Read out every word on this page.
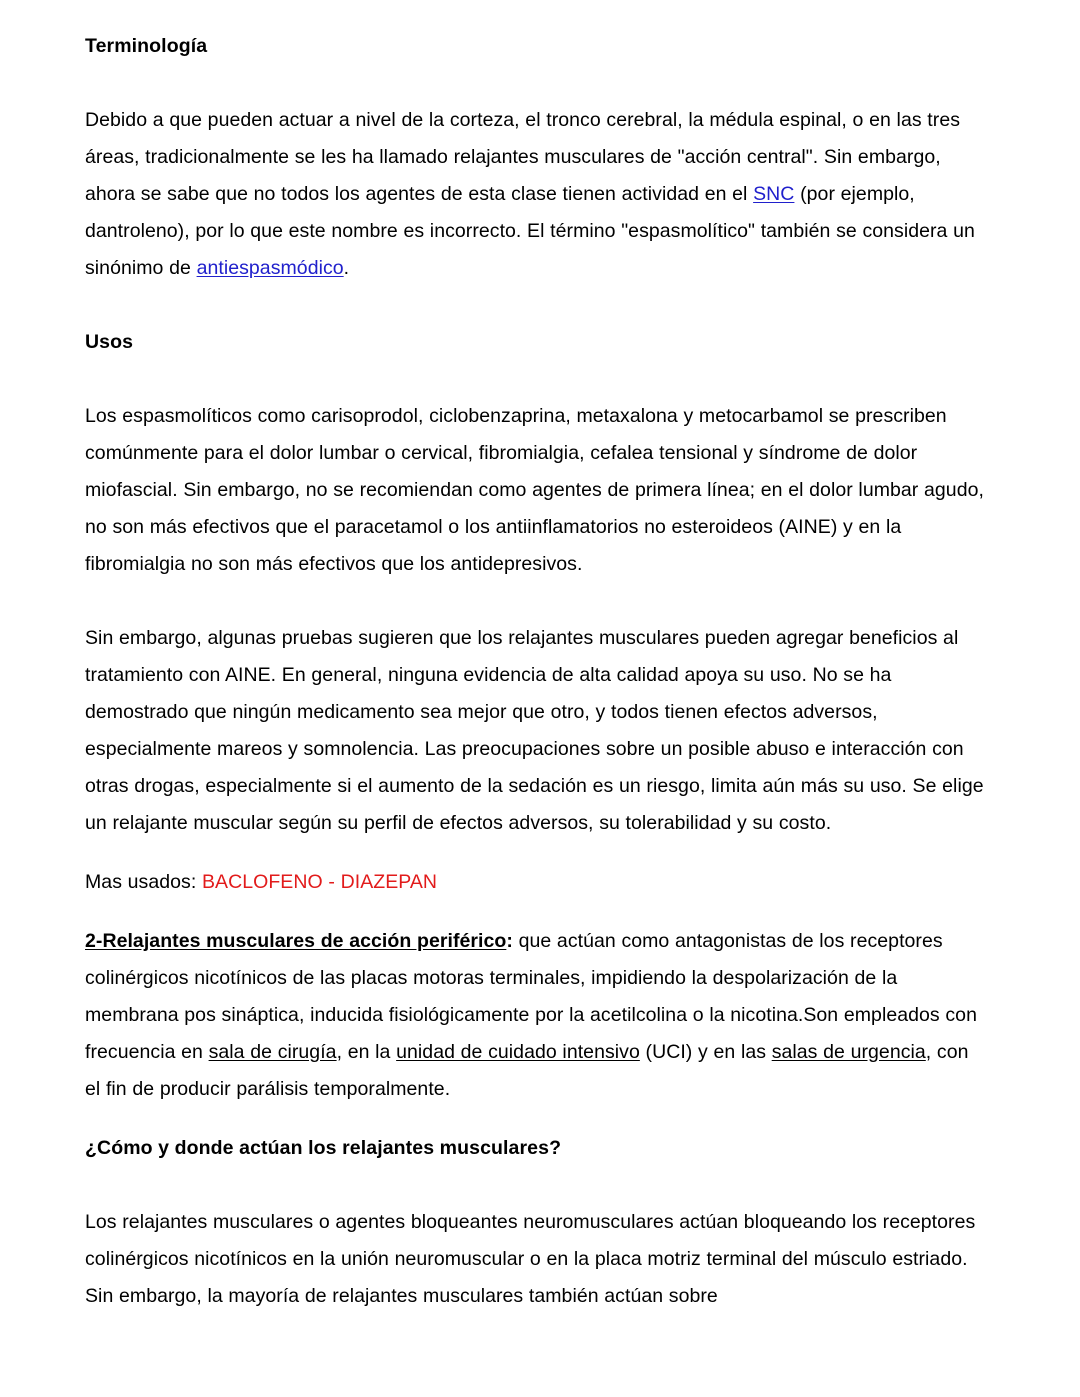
Terminología

Debido a que pueden actuar a nivel de la corteza, el tronco cerebral, la médula espinal, o en las tres áreas, tradicionalmente se les ha llamado relajantes musculares de "acción central". Sin embargo, ahora se sabe que no todos los agentes de esta clase tienen actividad en el SNC (por ejemplo, dantroleno), por lo que este nombre es incorrecto. El término "espasmolítico" también se considera un sinónimo de antiespasmódico.

Usos

Los espasmolíticos como carisoprodol, ciclobenzaprina, metaxalona y metocarbamol se prescriben comúnmente para el dolor lumbar o cervical, fibromialgia, cefalea tensional y síndrome de dolor miofascial. Sin embargo, no se recomiendan como agentes de primera línea; en el dolor lumbar agudo, no son más efectivos que el paracetamol o los antiinflamatorios no esteroideos (AINE) y en la fibromialgia no son más efectivos que los antidepresivos.

Sin embargo, algunas pruebas sugieren que los relajantes musculares pueden agregar beneficios al tratamiento con AINE. En general, ninguna evidencia de alta calidad apoya su uso. No se ha demostrado que ningún medicamento sea mejor que otro, y todos tienen efectos adversos, especialmente mareos y somnolencia. Las preocupaciones sobre un posible abuso e interacción con otras drogas, especialmente si el aumento de la sedación es un riesgo, limita aún más su uso. Se elige un relajante muscular según su perfil de efectos adversos, su tolerabilidad y su costo.

Mas usados: BACLOFENO - DIAZEPAN

2-Relajantes musculares de acción periférico: que actúan como antagonistas de los receptores colinérgicos nicotínicos de las placas motoras terminales, impidiendo la despolarización de la membrana pos sináptica, inducida fisiológicamente por la acetilcolina o la nicotina.Son empleados con frecuencia en sala de cirugía, en la unidad de cuidado intensivo (UCI) y en las salas de urgencia, con el fin de producir parálisis temporalmente.

¿Cómo y donde actúan los relajantes musculares?

Los relajantes musculares o agentes bloqueantes neuromusculares actúan bloqueando los receptores colinérgicos nicotínicos en la unión neuromuscular o en la placa motriz terminal del músculo estriado. Sin embargo, la mayoría de relajantes musculares también actúan sobre
